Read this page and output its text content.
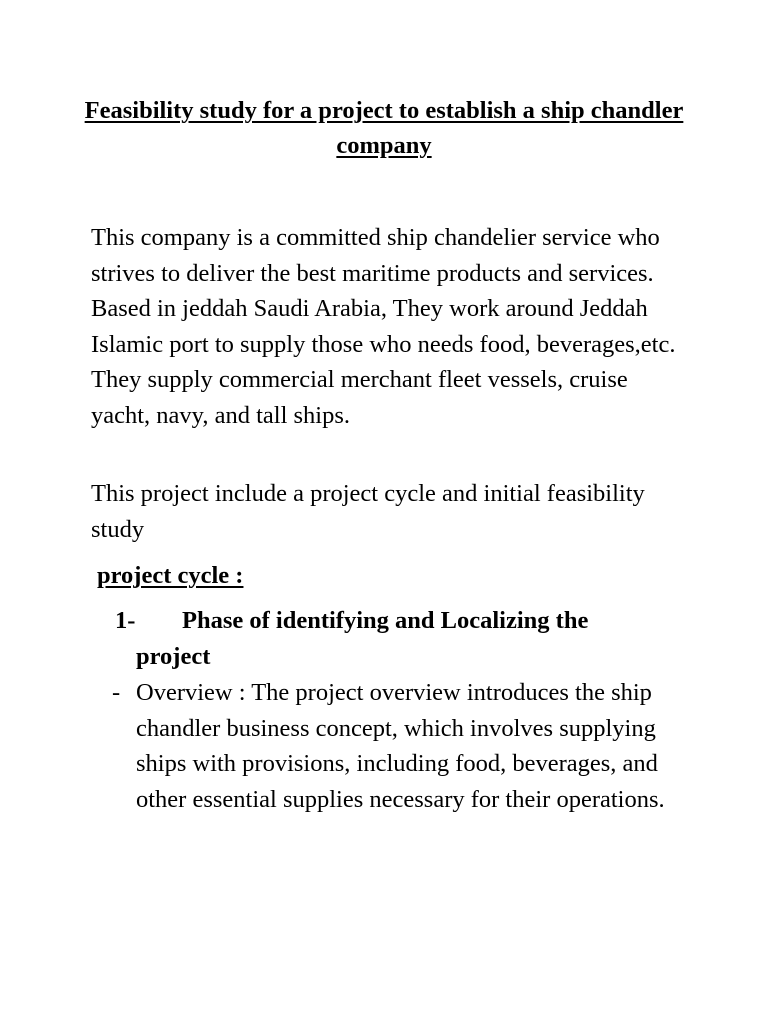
Feasibility study for a project to establish a ship chandler company
This company is a committed ship chandelier service who strives to deliver the best maritime products and services. Based in jeddah Saudi Arabia, They work around Jeddah Islamic port to supply those who needs food, beverages,etc. They supply commercial merchant fleet vessels, cruise yacht, navy, and tall ships.
This project include a project cycle and initial feasibility study
project cycle :
1- Phase of identifying and Localizing the
project
- Overview : The project overview introduces the ship chandler business concept, which involves supplying ships with provisions, including food, beverages, and other essential supplies necessary for their operations.
